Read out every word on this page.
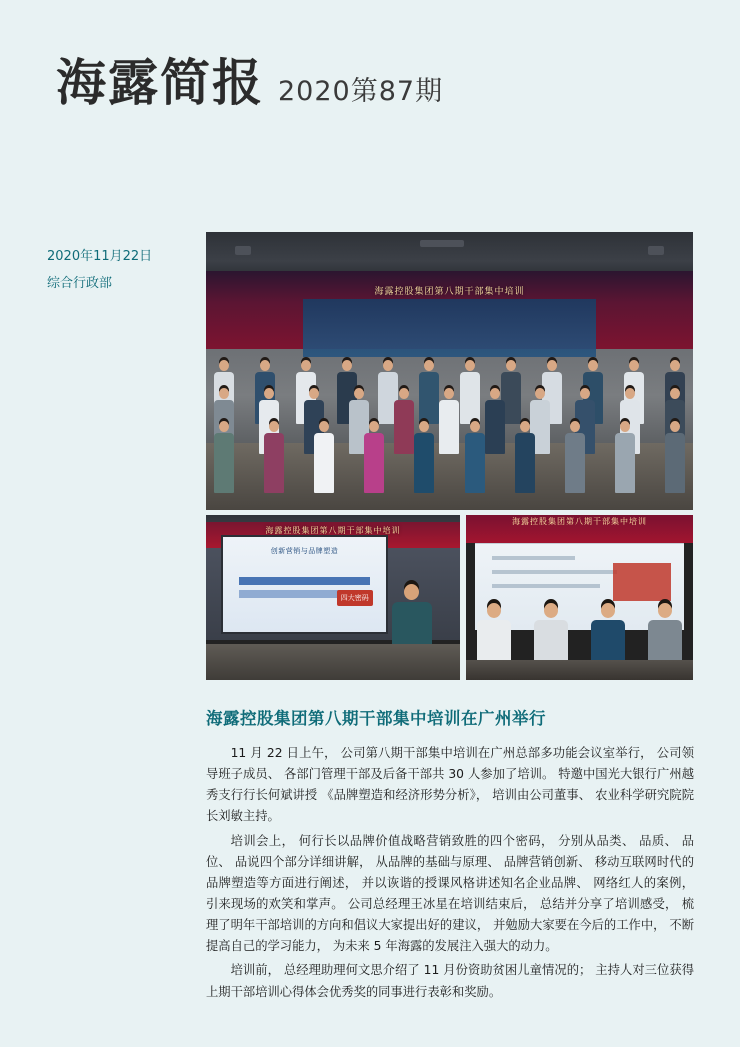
海露简报 2020第87期
2020年11月22日
综合行政部
海露控股集团第八期干部集中培训
海露控股集团第八期干部集中培训
创新营销与品牌塑造
四大密码
海露控股集团第八期干部集中培训
海露控股集团第八期干部集中培训在广州举行

11 月 22 日上午， 公司第八期干部集中培训在广州总部多功能会议室举行， 公司领导班子成员、 各部门管理干部及后备干部共 30 人参加了培训。 特邀中国光大银行广州越秀支行行长何斌讲授 《品牌塑造和经济形势分析》， 培训由公司董事、 农业科学研究院院长刘敏主持。

培训会上， 何行长以品牌价值战略营销致胜的四个密码， 分别从品类、 品质、 品位、 品说四个部分详细讲解， 从品牌的基础与原理、 品牌营销创新、 移动互联网时代的品牌塑造等方面进行阐述， 并以诙谐的授课风格讲述知名企业品牌、 网络红人的案例， 引来现场的欢笑和掌声。 公司总经理王冰星在培训结束后， 总结并分享了培训感受， 梳理了明年干部培训的方向和倡议大家提出好的建议， 并勉励大家要在今后的工作中， 不断提高自己的学习能力， 为未来 5 年海露的发展注入强大的动力。

培训前， 总经理助理何文思介绍了 11 月份资助贫困儿童情况的； 主持人对三位获得上期干部培训心得体会优秀奖的同事进行表彰和奖励。
